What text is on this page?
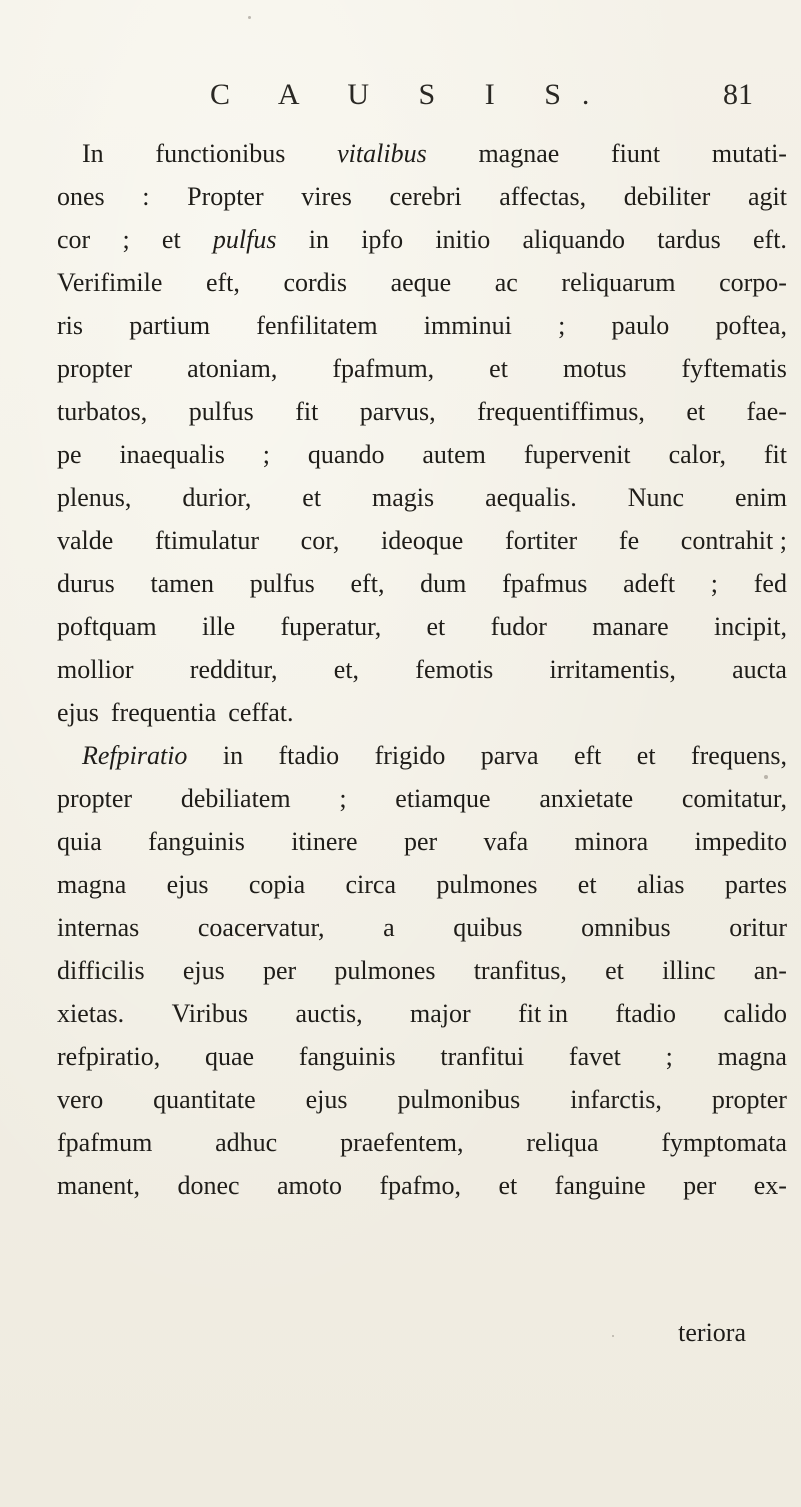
C A U S I S.	81
In functionibus vitalibus magnae fiunt mutati-
ones : Propter vires cerebri affectas, debiliter agit
cor ; et pulfus in ipfo initio aliquando tardus eft.
Verifimile eft, cordis aeque ac reliquarum corpo-
ris partium fenfilitatem imminui ; paulo poftea,
propter atoniam, fpafmum, et motus fyftematis
turbatos, pulfus fit parvus, frequentiffimus, et fae-
pe inaequalis ; quando autem fupervenit calor, fit
plenus, durior, et magis aequalis. Nunc enim
valde ftimulatur cor, ideoque fortiter fe contrahit ;
durus tamen pulfus eft, dum fpafmus adeft ; fed
poftquam ille fuperatur, et fudor manare incipit,
mollior redditur, et, femotis irritamentis, aucta
ejus frequentia ceffat.
Refpiratio in ftadio frigido parva eft et frequens,
propter debiliatem ; etiamque anxietate comitatur,
quia fanguinis itinere per vafa minora impedito
magna ejus copia circa pulmones et alias partes
internas coacervatur, a quibus omnibus oritur
difficilis ejus per pulmones tranfitus, et illinc an-
xietas. Viribus auctis, major fit in ftadio calido
refpiratio, quae fanguinis tranfitui favet ; magna
vero quantitate ejus pulmonibus infarctis, propter
fpafmum adhuc praefentem, reliqua fymptomata
manent, donec amoto fpafmo, et fanguine per ex-
teriora
